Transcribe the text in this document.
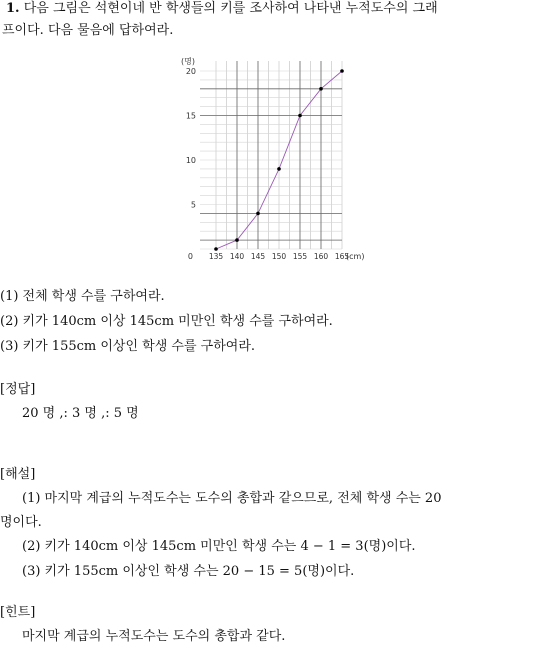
1. 다음 그림은 석현이네 반 학생들의 키를 조사하여 나타낸 누적도수의 그래
프이다. 다음 물음에 답하여라.
135 140 145 150 155 160 165
20
15
10
5
0
(명)
(cm)
(1) 전체 학생 수를 구하여라.
(2) 키가 140cm 이상 145cm 미만인 학생 수를 구하여라.
(3) 키가 155cm 이상인 학생 수를 구하여라.
[정답]
20 명 ,: 3 명 ,: 5 명
[해설]
(1) 마지막 계급의 누적도수는 도수의 총합과 같으므로, 전체 학생 수는 20
명이다.
(2) 키가 140cm 이상 145cm 미만인 학생 수는 4 − 1 = 3(명)이다.
(3) 키가 155cm 이상인 학생 수는 20 − 15 = 5(명)이다.
[힌트]
마지막 계급의 누적도수는 도수의 총합과 같다.
